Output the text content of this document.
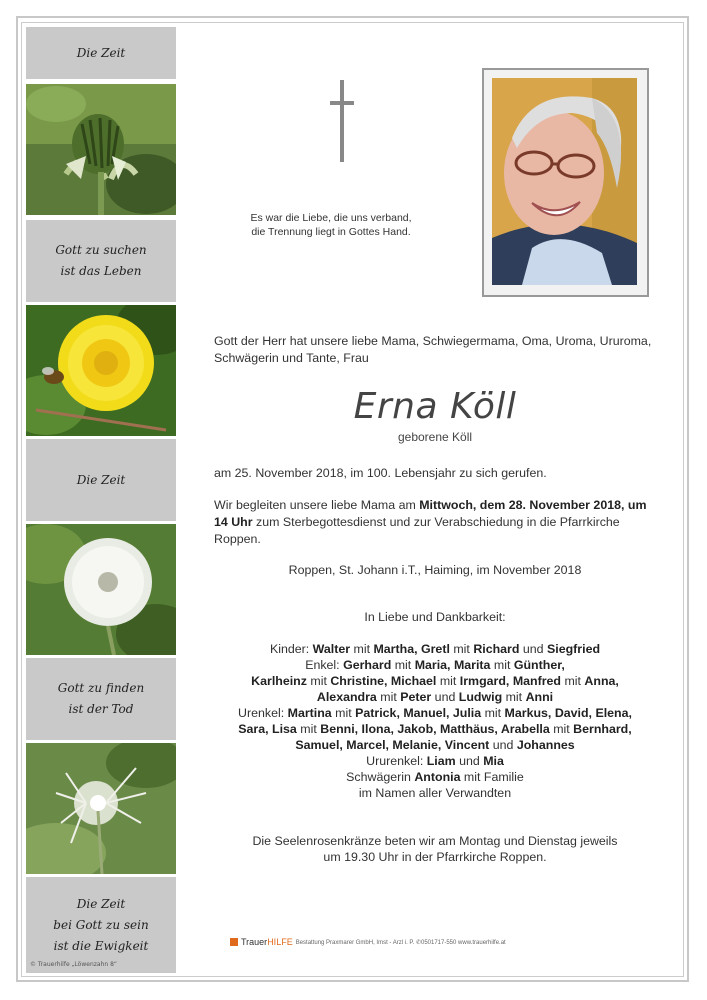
Die Zeit
Gott zu suchen
ist das Leben
Die Zeit
Gott zu finden
ist der Tod
Die Zeit
bei Gott zu sein
ist die Ewigkeit
© Trauerhilfe „Löwenzahn 8“
Es war die Liebe, die uns verband,
die Trennung liegt in Gottes Hand.
Gott der Herr hat unsere liebe Mama, Schwiegermama, Oma, Uroma, Ururoma, Schwägerin und Tante, Frau
Erna Köll
geborene Köll
am 25. November 2018, im 100. Lebensjahr zu sich gerufen.
Wir begleiten unsere liebe Mama am Mittwoch, dem 28. November 2018, um 14 Uhr zum Sterbegottesdienst und zur Verabschiedung in die Pfarrkirche Roppen.
Roppen, St. Johann i.T., Haiming, im November 2018
In Liebe und Dankbarkeit:
Kinder: Walter mit Martha, Gretl mit Richard und Siegfried
Enkel: Gerhard mit Maria, Marita mit Günther,
Karlheinz mit Christine, Michael mit Irmgard, Manfred mit Anna,
Alexandra mit Peter und Ludwig mit Anni
Urenkel: Martina mit Patrick, Manuel, Julia mit Markus, David, Elena,
Sara, Lisa mit Benni, Ilona, Jakob, Matthäus, Arabella mit Bernhard,
Samuel, Marcel, Melanie, Vincent und Johannes
Ururenkel: Liam und Mia
Schwägerin Antonia mit Familie
im Namen aller Verwandten
Die Seelenrosenkränze beten wir am Montag und Dienstag jeweils
um 19.30 Uhr in der Pfarrkirche Roppen.
TrauerHILFE Bestattung Praxmarer GmbH, Imst - Arzl i. P. ✆0501717-550 www.trauerhilfe.at
